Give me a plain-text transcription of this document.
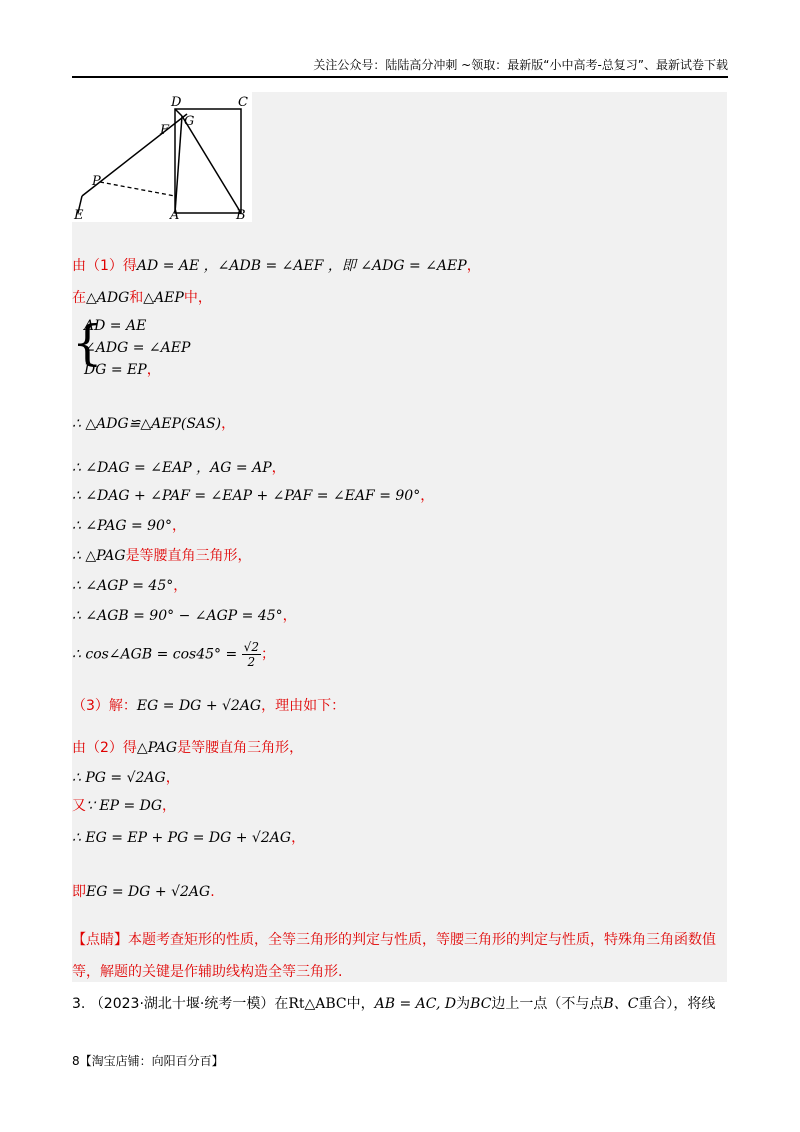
关注公众号：陆陆高分冲刺 ~领取：最新版“小中高考-总复习”、最新试卷下载
D	C
F
G
P
E	A	B
由（1）得AD = AE ，∠ADB = ∠AEF ，即 ∠ADG = ∠AEP，
在△ADG和△AEP中，
{
AD = AE
∠ADG = ∠AEP
DG = EP，
∴ △ADG≌△AEP(SAS)，
∴ ∠DAG = ∠EAP ，AG = AP，
∴ ∠DAG + ∠PAF = ∠EAP + ∠PAF = ∠EAF = 90°，
∴ ∠PAG = 90°，
∴ △PAG是等腰直角三角形，
∴ ∠AGP = 45°，
∴ ∠AGB = 90° − ∠AGP = 45°，
∴ cos∠AGB = $\cos 45^\circ = \frac{√2}{2}$ ；
（3）解：EG = DG + √2AG，理由如下：
由（2）得△PAG是等腰直角三角形，
∴ PG = √2AG，
又∵ EP = DG，
∴ EG = EP + PG = DG + √2AG，
即EG = DG + √2AG.
【点睛】本题考查矩形的性质，全等三角形的判定与性质，等腰三角形的判定与性质，特殊角三角函数值
等，解题的关键是作辅助线构造全等三角形.
3. （2023·湖北十堰·统考一模）在Rt△ABC中，AB = AC, D为BC边上一点（不与点B、C重合），将线
8【淘宝店铺：向阳百分百】
